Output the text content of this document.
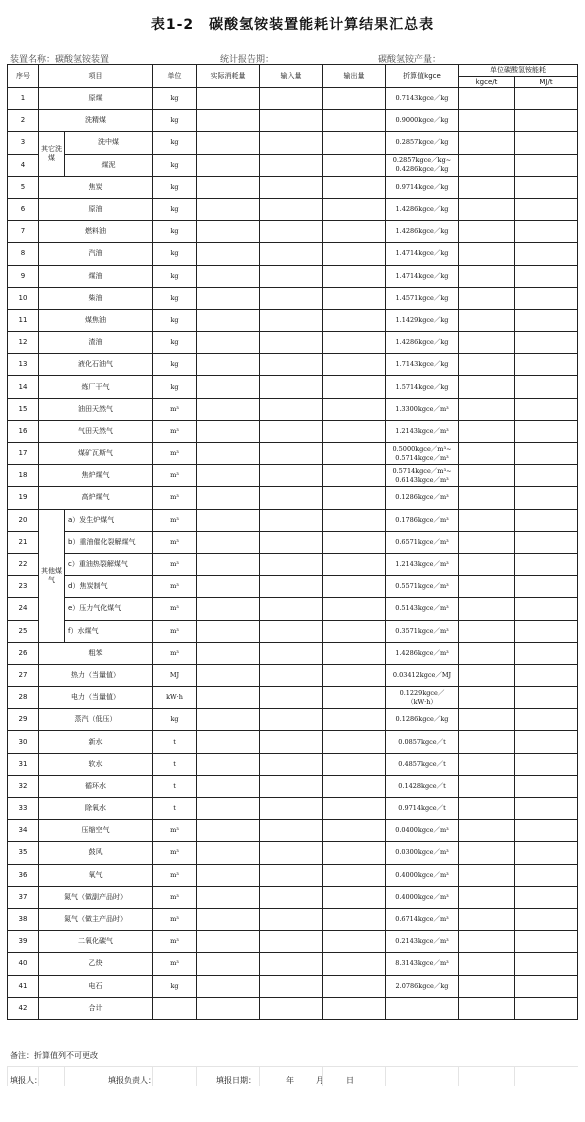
表1-2　碳酸氢铵装置能耗计算结果汇总表
装置名称：碳酸氢铵装置	统计报告期：	碳酸氢铵产量：
序号	项目		单位	实际消耗量	输入量	输出量	折算值kgce	单位碳酸氢铵能耗	
								kgce/t	MJ/t
1	原煤		kg				0.7143kgce／kg		
2	洗精煤		kg				0.9000kgce／kg		
3	其它洗煤	洗中煤	kg				0.2857kgce／kg		
4		煤泥	kg				0.2857kgce／kg~
0.4286kgce／kg		
5	焦炭		kg				0.9714kgce／kg		
6	原油		kg				1.4286kgce／kg		
7	燃料油		kg				1.4286kgce／kg		
8	汽油		kg				1.4714kgce／kg		
9	煤油		kg				1.4714kgce／kg		
10	柴油		kg				1.4571kgce／kg		
11	煤焦油		kg				1.1429kgce／kg		
12	渣油		kg				1.4286kgce／kg		
13	液化石油气		kg				1.7143kgce／kg		
14	炼厂干气		kg				1.5714kgce／kg		
15	油田天然气		m³				1.3300kgce／m³		
16	气田天然气		m³				1.2143kgce／m³		
17	煤矿瓦斯气		m³				0.5000kgce／m³~
0.5714kgce／m³		
18	焦炉煤气		m³				0.5714kgce／m³~
0.6143kgce／m³		
19	高炉煤气		m³				0.1286kgce／m³		
20	其他煤气	a）发生炉煤气	m³				0.1786kgce／m³		
21		b）重油催化裂解煤气	m³				0.6571kgce／m³		
22		c）重油热裂解煤气	m³				1.2143kgce／m³		
23		d）焦炭制气	m³				0.5571kgce／m³		
24		e）压力气化煤气	m³				0.5143kgce／m³		
25		f）水煤气	m³				0.3571kgce／m³		
26	粗苯		m³				1.4286kgce／m³		
27	热力（当量值）		MJ				0.03412kgce／MJ		
28	电力（当量值）		kW·h				0.1229kgce／
（kW·h）		
29	蒸汽（低压）		kg				0.1286kgce／kg		
30	新水		t				0.0857kgce／t		
31	软水		t				0.4857kgce／t		
32	循环水		t				0.1428kgce／t		
33	除氧水		t				0.9714kgce／t		
34	压缩空气		m³				0.0400kgce／m³		
35	鼓风		m³				0.0300kgce／m³		
36	氧气		m³				0.4000kgce／m³		
37	氮气（做副产品时）		m³				0.4000kgce／m³		
38	氮气（做主产品时）		m³				0.6714kgce／m³		
39	二氧化碳气		m³				0.2143kgce／m³		
40	乙炔		m³				8.3143kgce／m³		
41	电石		kg				2.0786kgce／kg		
42	合计								
备注：折算值列不可更改
填报人：	填报负责人：	填报日期：	年	月	日
